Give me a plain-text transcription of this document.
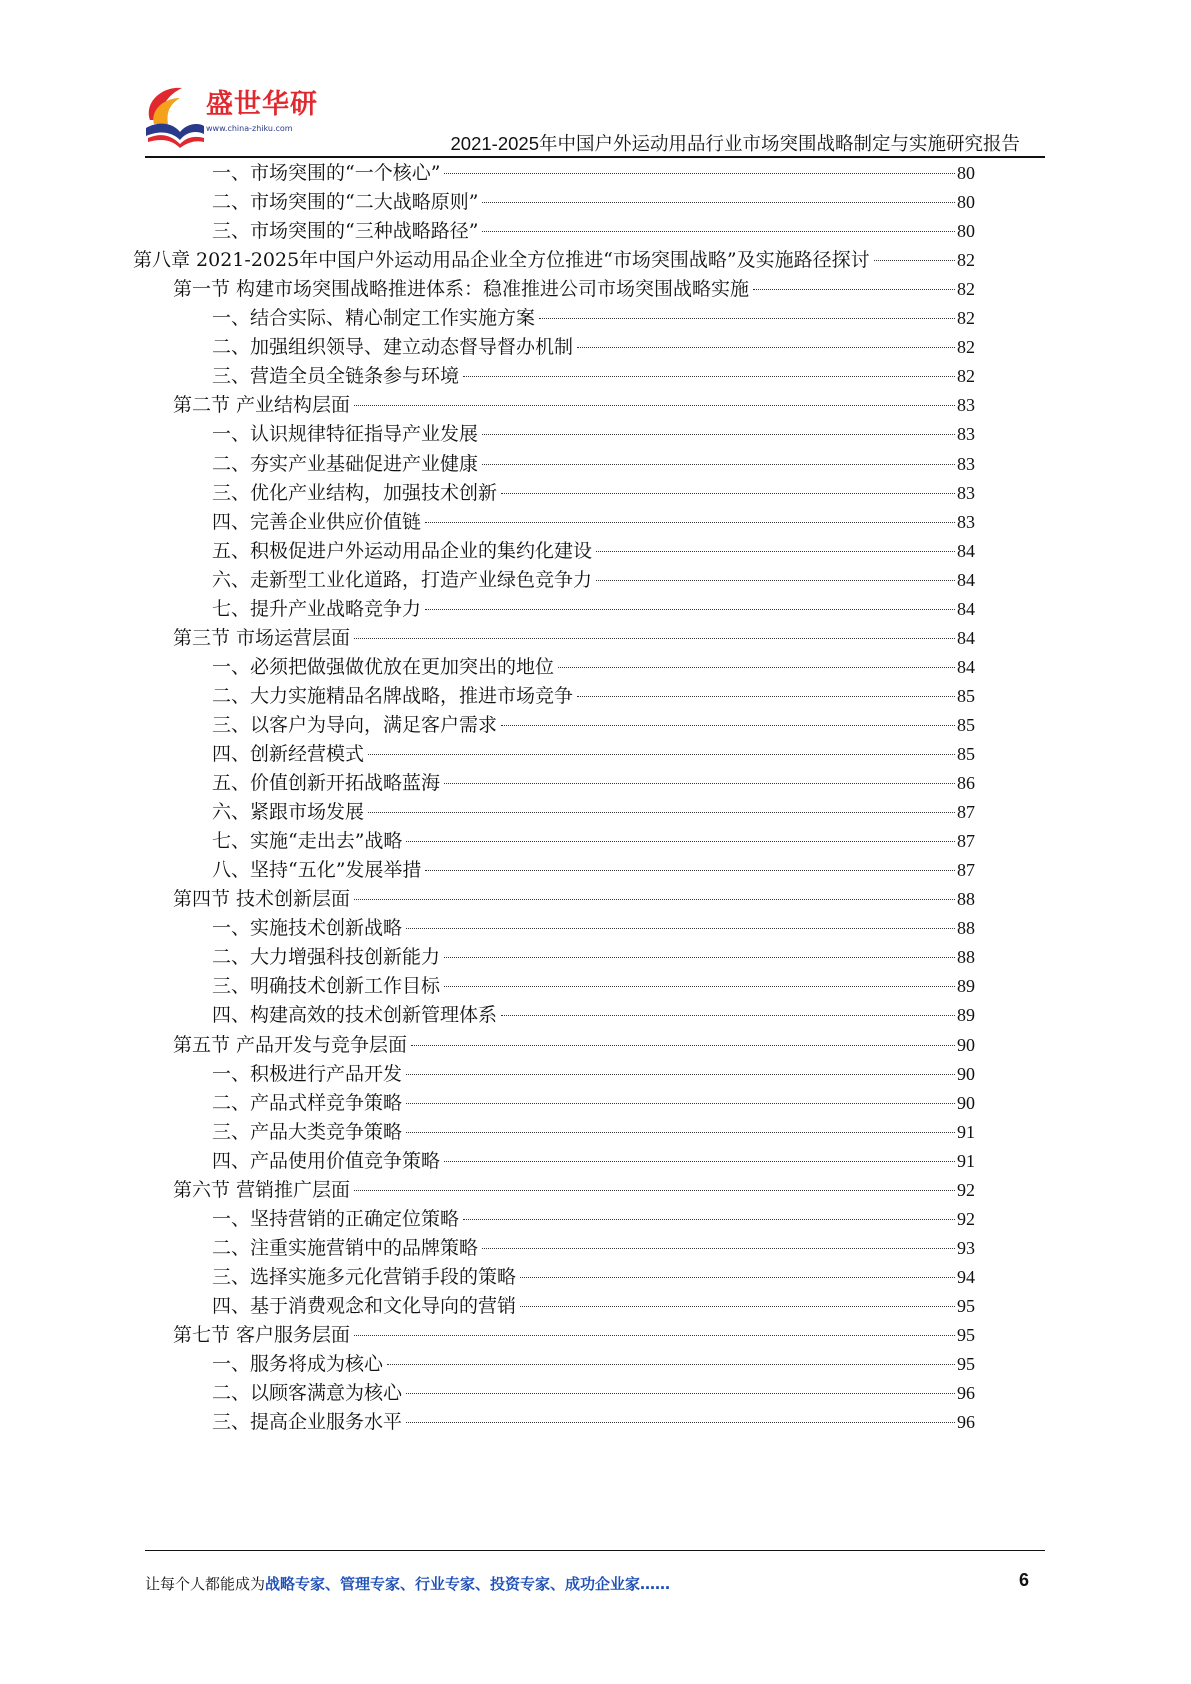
盛世华研
www.china-zhiku.com
2021-2025年中国户外运动用品行业市场突围战略制定与实施研究报告
一、市场突围的“一个核心”	80
二、市场突围的“二大战略原则”	80
三、市场突围的“三种战略路径”	80
第八章 2021-2025年中国户外运动用品企业全方位推进“市场突围战略”及实施路径探讨	82
第一节 构建市场突围战略推进体系：稳准推进公司市场突围战略实施	82
一、结合实际、精心制定工作实施方案	82
二、加强组织领导、建立动态督导督办机制	82
三、营造全员全链条参与环境	82
第二节 产业结构层面	83
一、认识规律特征指导产业发展	83
二、夯实产业基础促进产业健康	83
三、优化产业结构，加强技术创新	83
四、完善企业供应价值链	83
五、积极促进户外运动用品企业的集约化建设	84
六、走新型工业化道路，打造产业绿色竞争力	84
七、提升产业战略竞争力	84
第三节 市场运营层面	84
一、必须把做强做优放在更加突出的地位	84
二、大力实施精品名牌战略，推进市场竞争	85
三、以客户为导向，满足客户需求	85
四、创新经营模式	85
五、价值创新开拓战略蓝海	86
六、紧跟市场发展	87
七、实施“走出去”战略	87
八、坚持“五化”发展举措	87
第四节 技术创新层面	88
一、实施技术创新战略	88
二、大力增强科技创新能力	88
三、明确技术创新工作目标	89
四、构建高效的技术创新管理体系	89
第五节 产品开发与竞争层面	90
一、积极进行产品开发	90
二、产品式样竞争策略	90
三、产品大类竞争策略	91
四、产品使用价值竞争策略	91
第六节 营销推广层面	92
一、坚持营销的正确定位策略	92
二、注重实施营销中的品牌策略	93
三、选择实施多元化营销手段的策略	94
四、基于消费观念和文化导向的营销	95
第七节 客户服务层面	95
一、服务将成为核心	95
二、以顾客满意为核心	96
三、提高企业服务水平	96
让每个人都能成为战略专家、管理专家、行业专家、投资专家、成功企业家……	6
